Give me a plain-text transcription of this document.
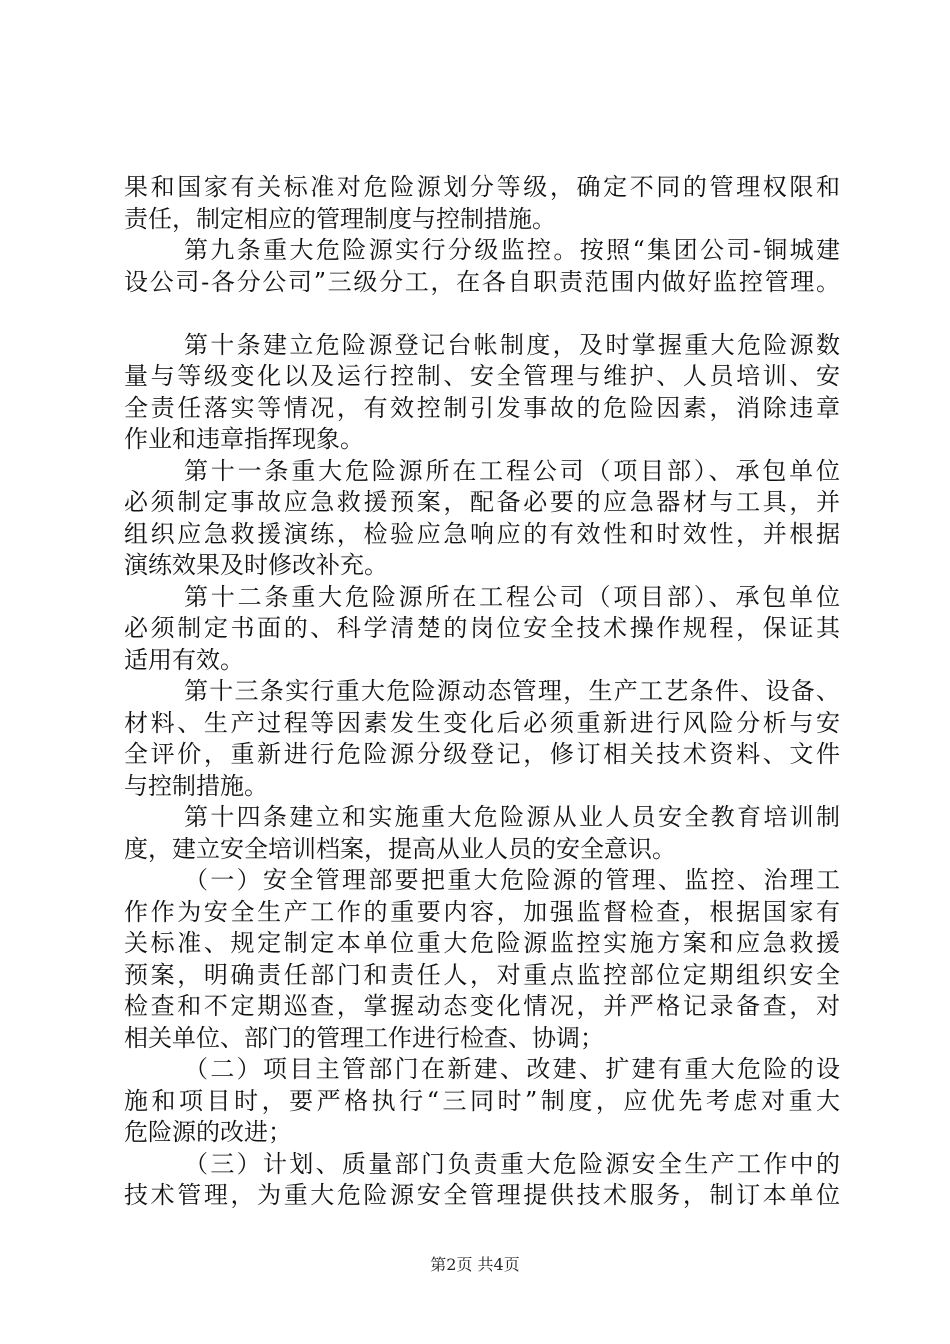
果和国家有关标准对危险源划分等级，确定不同的管理权限和
责任，制定相应的管理制度与控制措施。
第九条重大危险源实行分级监控。按照“集团公司-铜城建
设公司-各分公司”三级分工，在各自职责范围内做好监控管理。
第十条建立危险源登记台帐制度，及时掌握重大危险源数
量与等级变化以及运行控制、安全管理与维护、人员培训、安
全责任落实等情况，有效控制引发事故的危险因素，消除违章
作业和违章指挥现象。
第十一条重大危险源所在工程公司（项目部）、承包单位
必须制定事故应急救援预案，配备必要的应急器材与工具，并
组织应急救援演练，检验应急响应的有效性和时效性，并根据
演练效果及时修改补充。
第十二条重大危险源所在工程公司（项目部）、承包单位
必须制定书面的、科学清楚的岗位安全技术操作规程，保证其
适用有效。
第十三条实行重大危险源动态管理，生产工艺条件、设备、
材料、生产过程等因素发生变化后必须重新进行风险分析与安
全评价，重新进行危险源分级登记，修订相关技术资料、文件
与控制措施。
第十四条建立和实施重大危险源从业人员安全教育培训制
度，建立安全培训档案，提高从业人员的安全意识。
（一）安全管理部要把重大危险源的管理、监控、治理工
作作为安全生产工作的重要内容，加强监督检查，根据国家有
关标准、规定制定本单位重大危险源监控实施方案和应急救援
预案，明确责任部门和责任人，对重点监控部位定期组织安全
检查和不定期巡查，掌握动态变化情况，并严格记录备查，对
相关单位、部门的管理工作进行检查、协调；
（二）项目主管部门在新建、改建、扩建有重大危险的设
施和项目时，要严格执行“三同时”制度，应优先考虑对重大
危险源的改进；
（三）计划、质量部门负责重大危险源安全生产工作中的
技术管理，为重大危险源安全管理提供技术服务，制订本单位
第2页 共4页
